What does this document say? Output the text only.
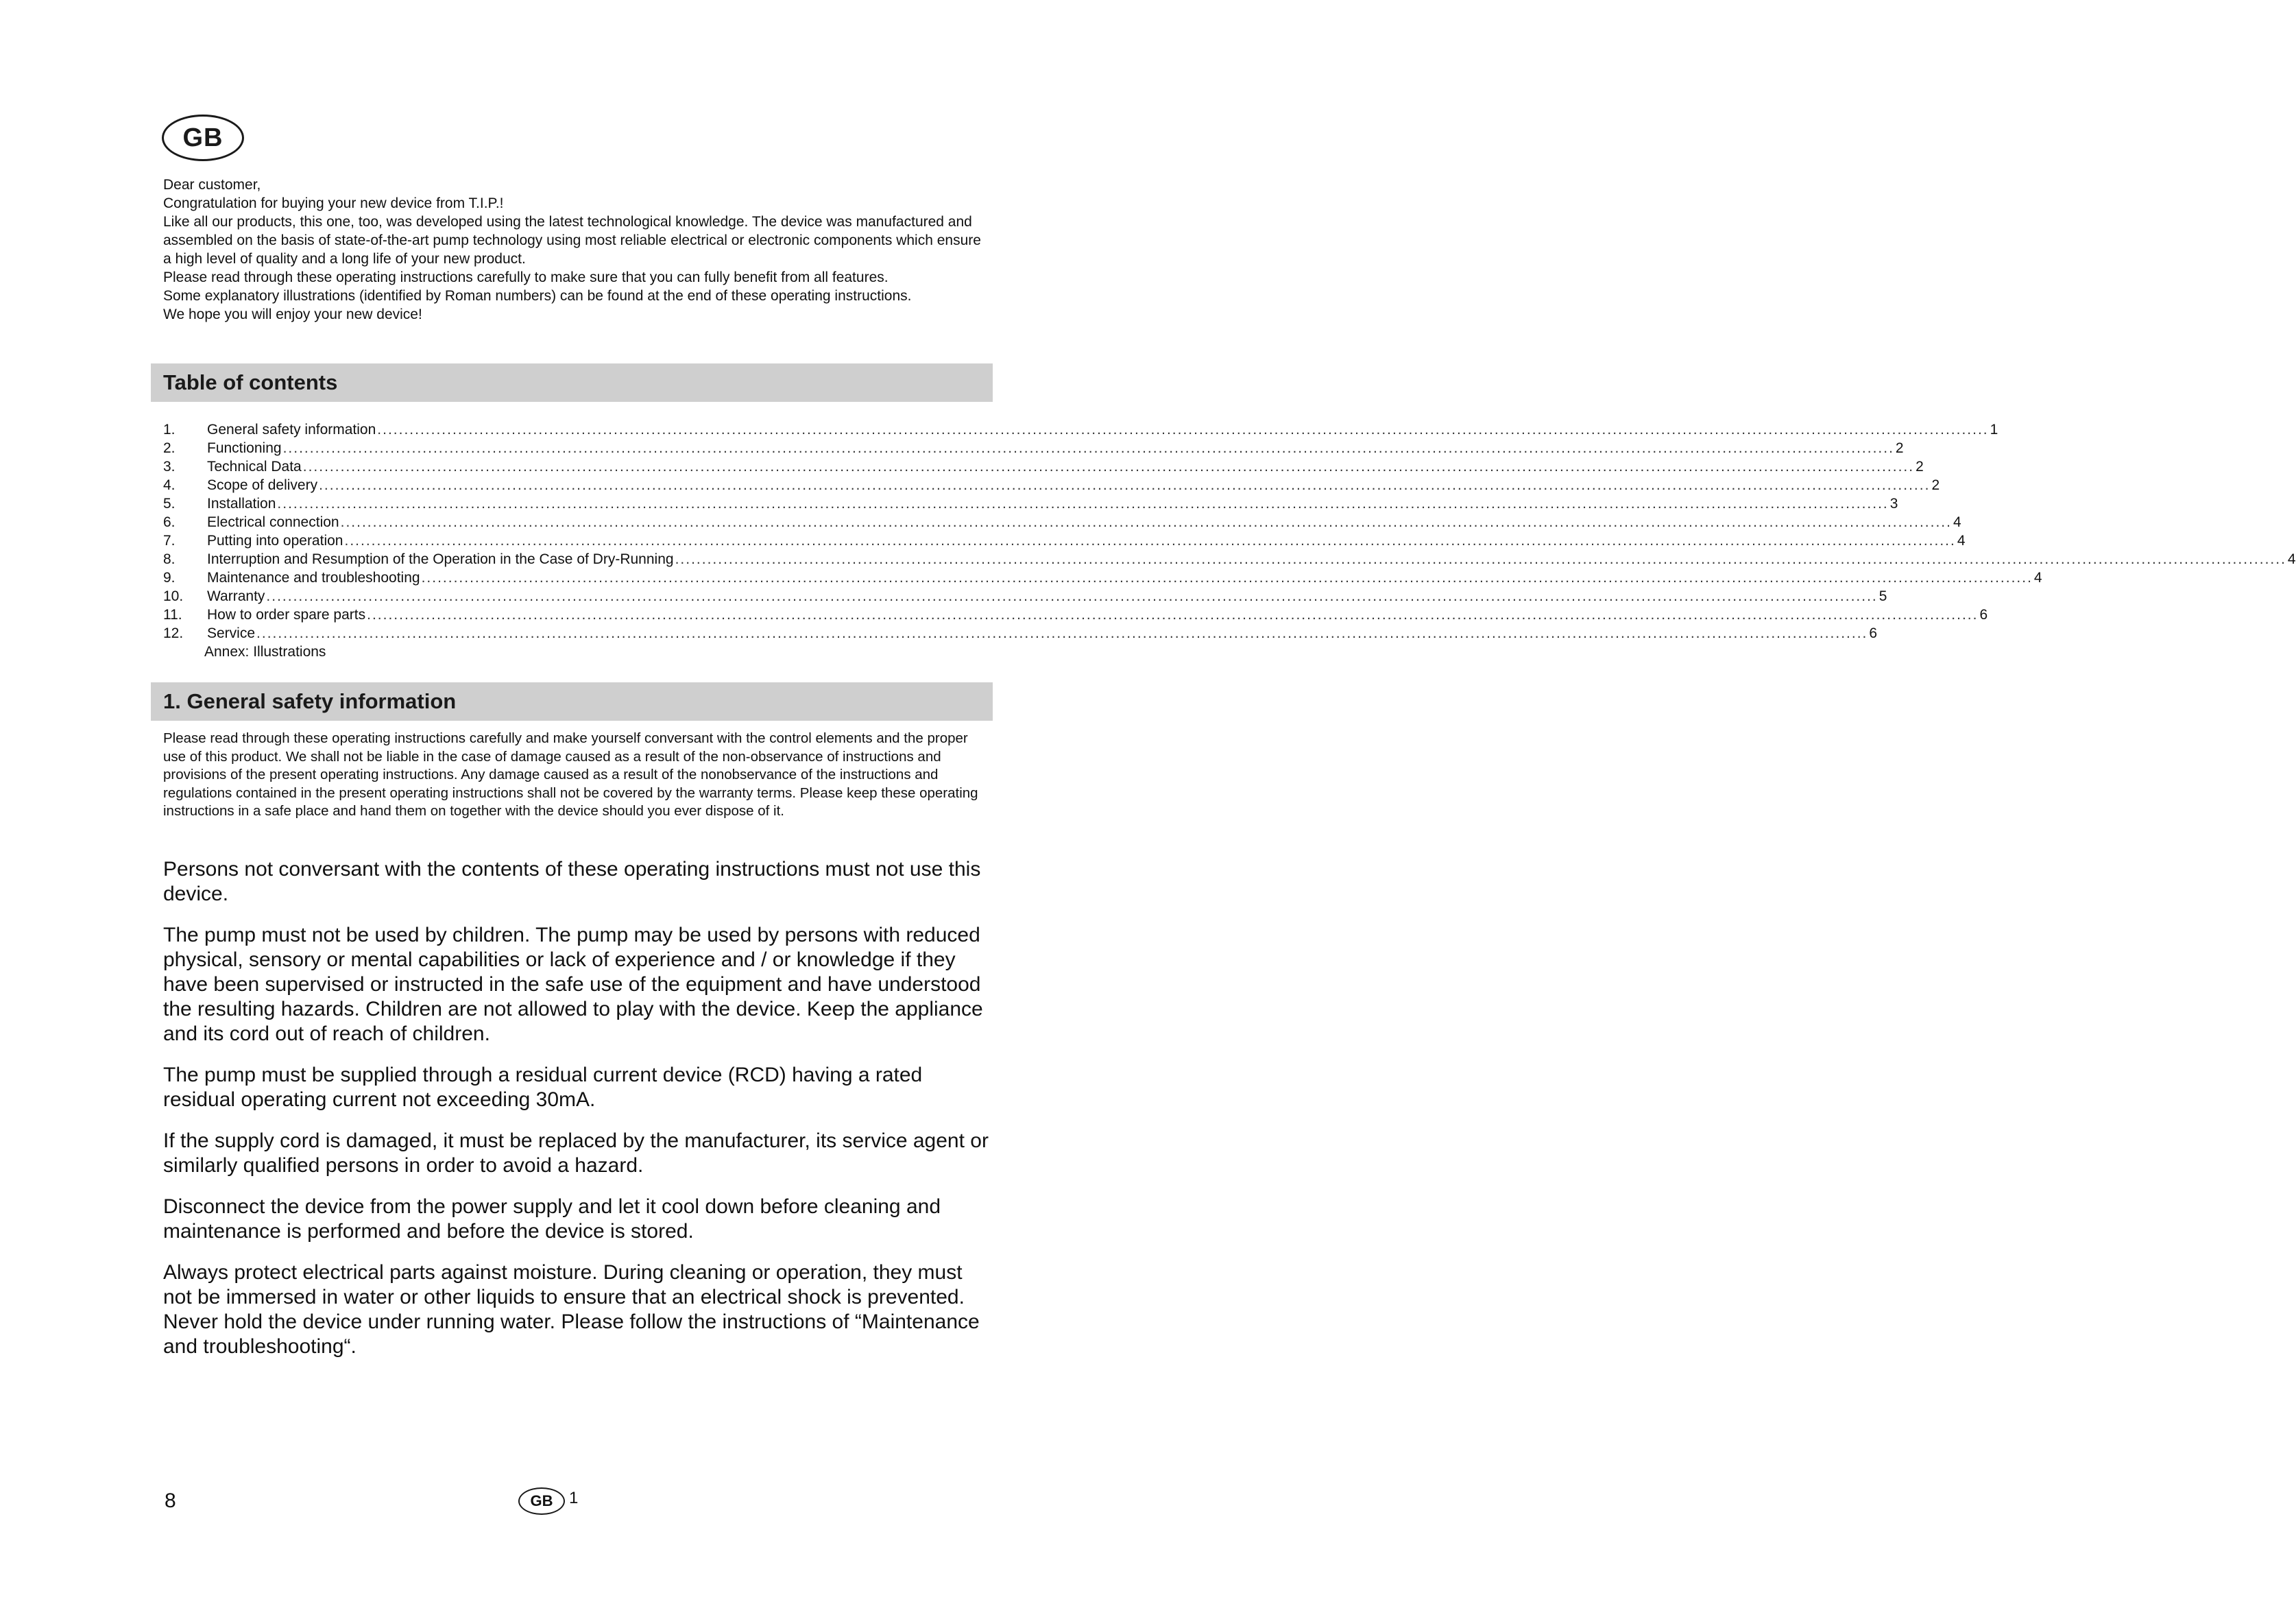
GB

Dear customer,

Congratulation for buying your new device from T.I.P.!

Like all our products, this one, too, was developed using the latest technological knowledge. The device was manufactured and assembled on the basis of state-of-the-art pump technology using most reliable electrical or electronic components which ensure a high level of quality and a long life of your new product.

Please read through these operating instructions carefully to make sure that you can fully benefit from all features.

Some explanatory illustrations (identified by Roman numbers) can be found at the end of these operating instructions.

We hope you will enjoy your new device!

Table of contents
1.	General safety information ............................................................................................................................................................................................................................................................................................................ 1
2.	Functioning ............................................................................................................................................................................................................................................................................................................ 2
3.	Technical Data ............................................................................................................................................................................................................................................................................................................ 2
4.	Scope of delivery ............................................................................................................................................................................................................................................................................................................ 2
5.	Installation ............................................................................................................................................................................................................................................................................................................ 3
6.	Electrical connection ............................................................................................................................................................................................................................................................................................................ 4
7.	Putting into operation ............................................................................................................................................................................................................................................................................................................ 4
8.	Interruption and Resumption of the Operation in the Case of Dry-Running ............................................................................................................................................................................................................................................................................................................ 4
9.	Maintenance and troubleshooting ............................................................................................................................................................................................................................................................................................................ 4
10.	Warranty ............................................................................................................................................................................................................................................................................................................ 5
11.	How to order spare parts ............................................................................................................................................................................................................................................................................................................ 6
12.	Service ............................................................................................................................................................................................................................................................................................................ 6
Annex: Illustrations
1. General safety information

Please read through these operating instructions carefully and make yourself conversant with the control elements and the proper use of this product. We shall not be liable in the case of damage caused as a result of the non-observance of instructions and provisions of the present operating instructions. Any damage caused as a result of the nonobservance of the instructions and regulations contained in the present operating instructions shall not be covered by the warranty terms. Please keep these operating instructions in a safe place and hand them on together with the device should you ever dispose of it.

Persons not conversant with the contents of these operating instructions must not use this device.

The pump must not be used by children. The pump may be used by persons with reduced physical, sensory or mental capabilities or lack of experience and / or knowledge if they have been supervised or instructed in the safe use of the equipment and have understood the resulting hazards. Children are not allowed to play with the device. Keep the appliance and its cord out of reach of children.

The pump must be supplied through a residual current device (RCD) having a rated residual operating current not exceeding 30mA.

If the supply cord is damaged, it must be replaced by the manufacturer, its service agent or similarly qualified persons in order to avoid a hazard.

Disconnect the device from the power supply and let it cool down before cleaning and maintenance is performed and before the device is stored.

Always protect electrical parts against moisture. During cleaning or operation, they must not be immersed in water or other liquids to ensure that an electrical shock is prevented. Never hold the device under running water. Please follow the instructions of “Maintenance and troubleshooting“.

8	GB 1
